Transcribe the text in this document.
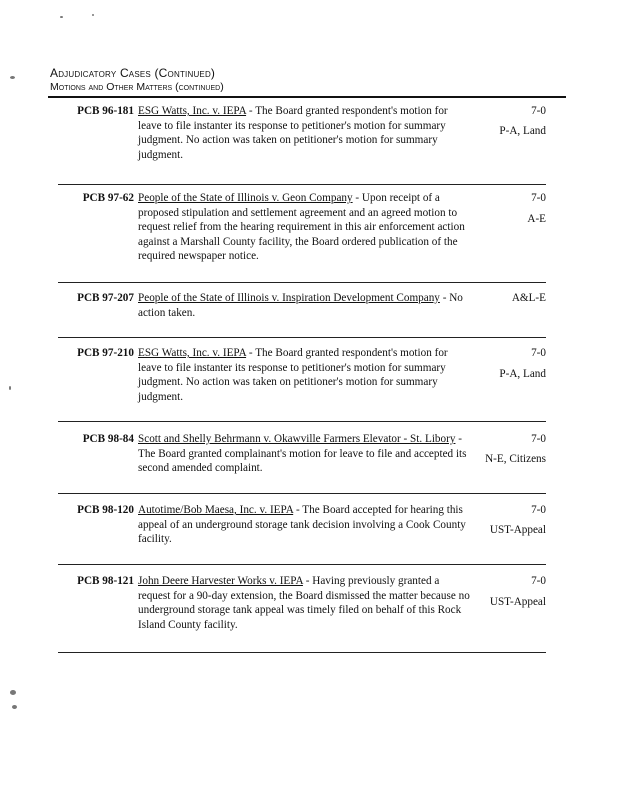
Adjudicatory Cases (Continued)
Motions and Other Matters (continued)
PCB 96-181 ESG Watts, Inc. v. IEPA - The Board granted respondent's motion for leave to file instanter its response to petitioner's motion for summary judgment. No action was taken on petitioner's motion for summary judgment.
7-0
P-A, Land
PCB 97-62 People of the State of Illinois v. Geon Company - Upon receipt of a proposed stipulation and settlement agreement and an agreed motion to request relief from the hearing requirement in this air enforcement action against a Marshall County facility, the Board ordered publication of the required newspaper notice.
7-0
A-E
PCB 97-207 People of the State of Illinois v. Inspiration Development Company - No action taken.
A&L-E
PCB 97-210 ESG Watts, Inc. v. IEPA - The Board granted respondent's motion for leave to file instanter its response to petitioner's motion for summary judgment. No action was taken on petitioner's motion for summary judgment.
7-0
P-A, Land
PCB 98-84 Scott and Shelly Behrmann v. Okawville Farmers Elevator - St. Libory - The Board granted complainant's motion for leave to file and accepted its second amended complaint.
7-0
N-E, Citizens
PCB 98-120 Autotime/Bob Maesa, Inc. v. IEPA - The Board accepted for hearing this appeal of an underground storage tank decision involving a Cook County facility.
7-0
UST-Appeal
PCB 98-121 John Deere Harvester Works v. IEPA - Having previously granted a request for a 90-day extension, the Board dismissed the matter because no underground storage tank appeal was timely filed on behalf of this Rock Island County facility.
7-0
UST-Appeal
